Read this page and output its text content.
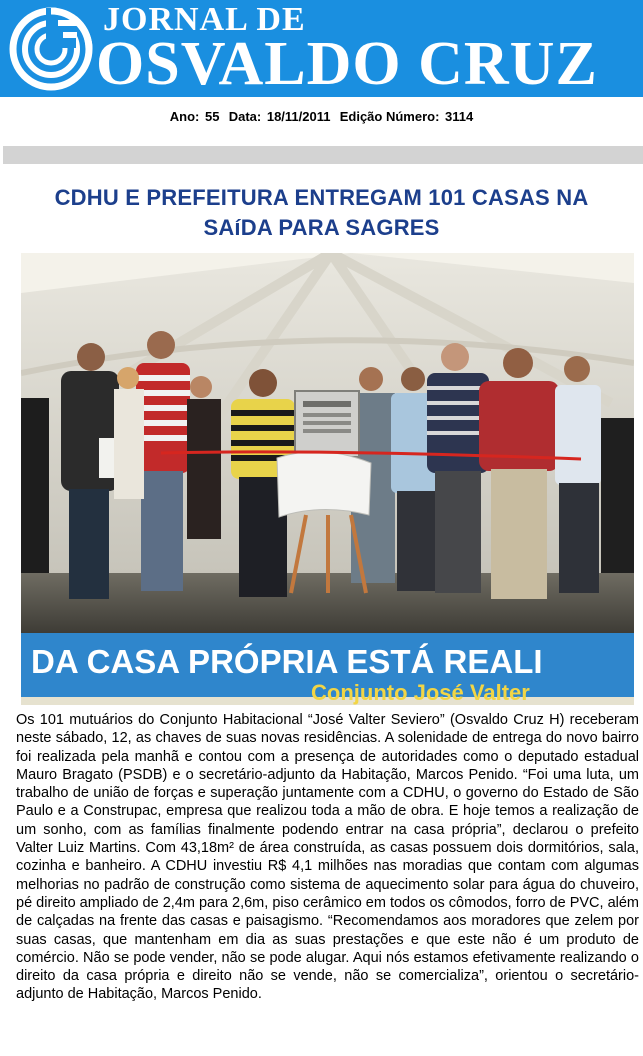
JORNAL DE
OSVALDO CRUZ
Ano: 55 Data: 18/11/2011 Edição Número: 3114
CDHU E PREFEITURA ENTREGAM 101 CASAS NA
SAíDA PARA SAGRES
DA CASA PRÓPRIA ESTÁ REALI
Conjunto José Valter

Os 101 mutuários do Conjunto Habitacional “José Valter Seviero” (Osvaldo Cruz H) receberam neste sábado, 12, as chaves de suas novas residências. A solenidade de entrega do novo bairro foi realizada pela manhã e contou com a presença de autoridades como o deputado estadual Mauro Bragato (PSDB) e o secretário-adjunto da Habitação, Marcos Penido. “Foi uma luta, um trabalho de união de forças e superação juntamente com a CDHU, o governo do Estado de São Paulo e a Construpac, empresa que realizou toda a mão de obra. E hoje temos a realização de um sonho, com as famílias finalmente podendo entrar na casa própria”, declarou o prefeito Valter Luiz Martins. Com 43,18m² de área construída, as casas possuem dois dormitórios, sala, cozinha e banheiro. A CDHU investiu R$ 4,1 milhões nas moradias que contam com algumas melhorias no padrão de construção como sistema de aquecimento solar para água do chuveiro, pé direito ampliado de 2,4m para 2,6m, piso cerâmico em todos os cômodos, forro de PVC, além de calçadas na frente das casas e paisagismo. “Recomendamos aos moradores que zelem por suas casas, que mantenham em dia as suas prestações e que este não é um produto de comércio. Não se pode vender, não se pode alugar. Aqui nós estamos efetivamente realizando o direito da casa própria e direito não se vende, não se comercializa”, orientou o secretário-adjunto de Habitação, Marcos Penido.
